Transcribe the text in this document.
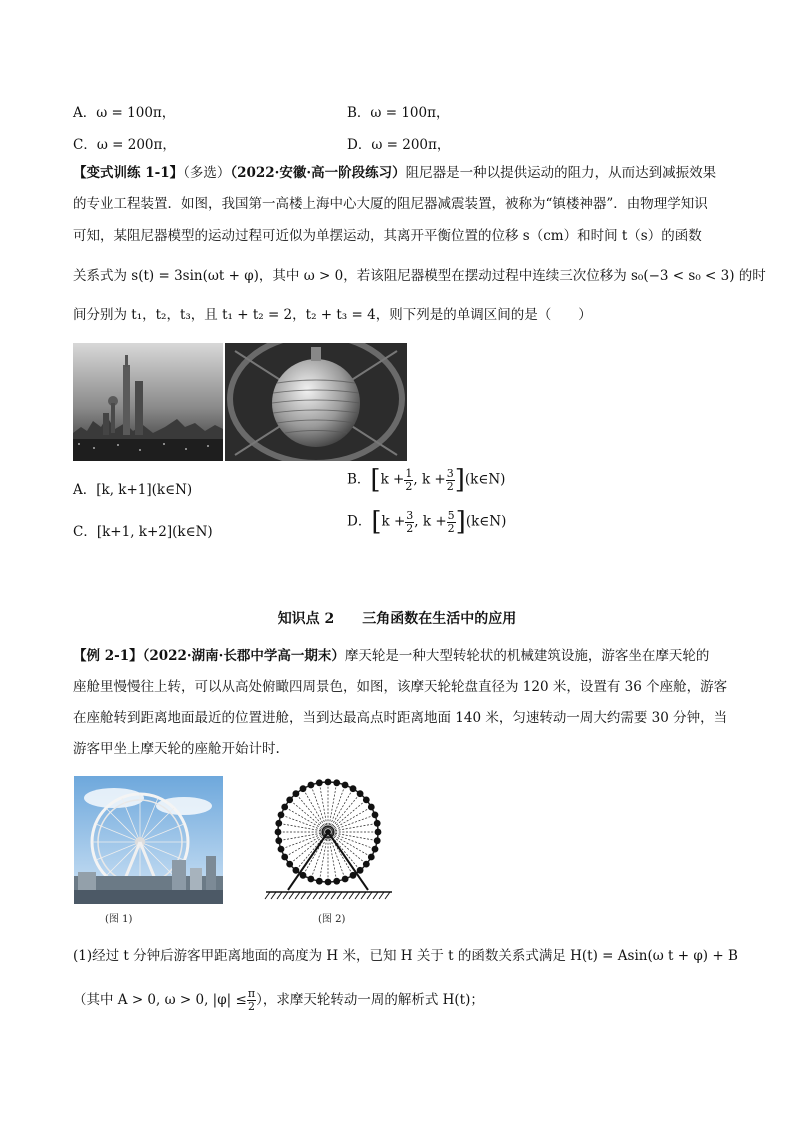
A．ω = 100π，	B．ω = 100π，
C．ω = 200π，	D．ω = 200π，
【变式训练 1-1】（多选）（2022·安徽·高一阶段练习）阻尼器是一种以提供运动的阻力，从而达到减振效果
的专业工程装置．如图，我国第一高楼上海中心大厦的阻尼器减震装置，被称为“镇楼神器”．由物理学知识
可知，某阻尼器模型的运动过程可近似为单摆运动，其离开平衡位置的位移 s（cm）和时间 t（s）的函数
关系式为 s(t) = 3sin(ωt + φ)，其中 ω > 0，若该阻尼器模型在摆动过程中连续三次位移为 s₀(−3 < s₀ < 3) 的时
间分别为 t₁，t₂，t₃，且 t₁ + t₂ = 2，t₂ + t₃ = 4，则下列是的单调区间的是（　　）
A．[k, k+1](k∈N)
B．[$k + \frac{1}{2}$ , $k + \frac{3}{2}$ ](k∈N)
C．[k+1, k+2](k∈N)
D．[$k + \frac{3}{2}$ , $k + \frac{5}{2}$ ](k∈N)
知识点 2　　三角函数在生活中的应用
【例 2-1】（2022·湖南·长郡中学高一期末）摩天轮是一种大型转轮状的机械建筑设施，游客坐在摩天轮的
座舱里慢慢往上转，可以从高处俯瞰四周景色，如图，该摩天轮轮盘直径为 120 米，设置有 36 个座舱，游客
在座舱转到距离地面最近的位置进舱，当到达最高点时距离地面 140 米，匀速转动一周大约需要 30 分钟，当
游客甲坐上摩天轮的座舱开始计时.
(图 1)	(图 2)
(1)经过 t 分钟后游客甲距离地面的高度为 H 米，已知 H 关于 t 的函数关系式满足 H(t) = Asin(ω t + φ) + B
（其中 A > 0, ω > 0, $|\varphi| \le \frac{\pi}{2}$ ），求摩天轮转动一周的解析式 H(t)；
